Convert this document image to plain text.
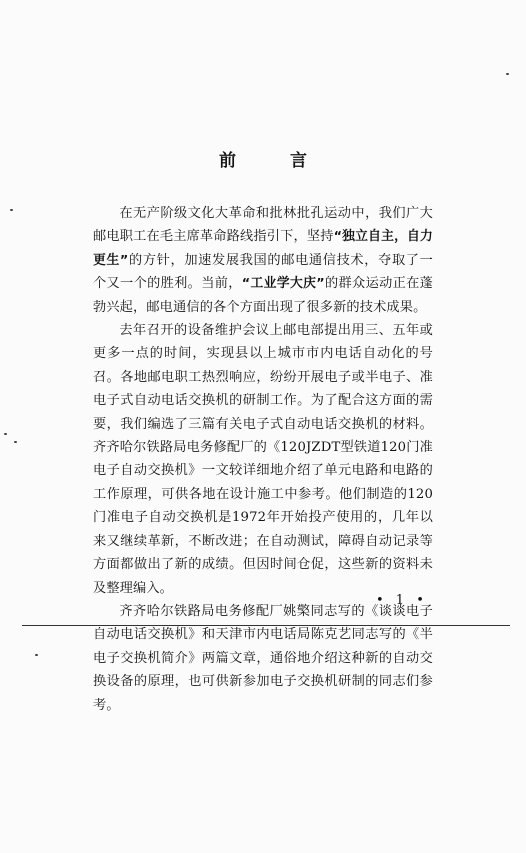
前 言

在无产阶级文化大革命和批林批孔运动中，我们广大邮电职工在毛主席革命路线指引下，坚持“独立自主，自力更生”的方针，加速发展我国的邮电通信技术，夺取了一个又一个的胜利。当前，“工业学大庆”的群众运动正在蓬勃兴起，邮电通信的各个方面出现了很多新的技术成果。

去年召开的设备维护会议上邮电部提出用三、五年或更多一点的时间，实现县以上城市市内电话自动化的号召。各地邮电职工热烈响应，纷纷开展电子或半电子、准电子式自动电话交换机的研制工作。为了配合这方面的需要，我们编选了三篇有关电子式自动电话交换机的材料。齐齐哈尔铁路局电务修配厂的《120JZDT型铁道120门准电子自动交换机》一文较详细地介绍了单元电路和电路的工作原理，可供各地在设计施工中参考。他们制造的120门准电子自动交换机是1972年开始投产使用的，几年以来又继续革新，不断改进；在自动测试，障碍自动记录等方面都做出了新的成绩。但因时间仓促，这些新的资料未及整理编入。

齐齐哈尔铁路局电务修配厂姚檠同志写的《谈谈电子自动电话交换机》和天津市内电话局陈克艺同志写的《半电子交换机简介》两篇文章，通俗地介绍这种新的自动交换设备的原理，也可供新参加电子交换机研制的同志们参考。

• 1 •
